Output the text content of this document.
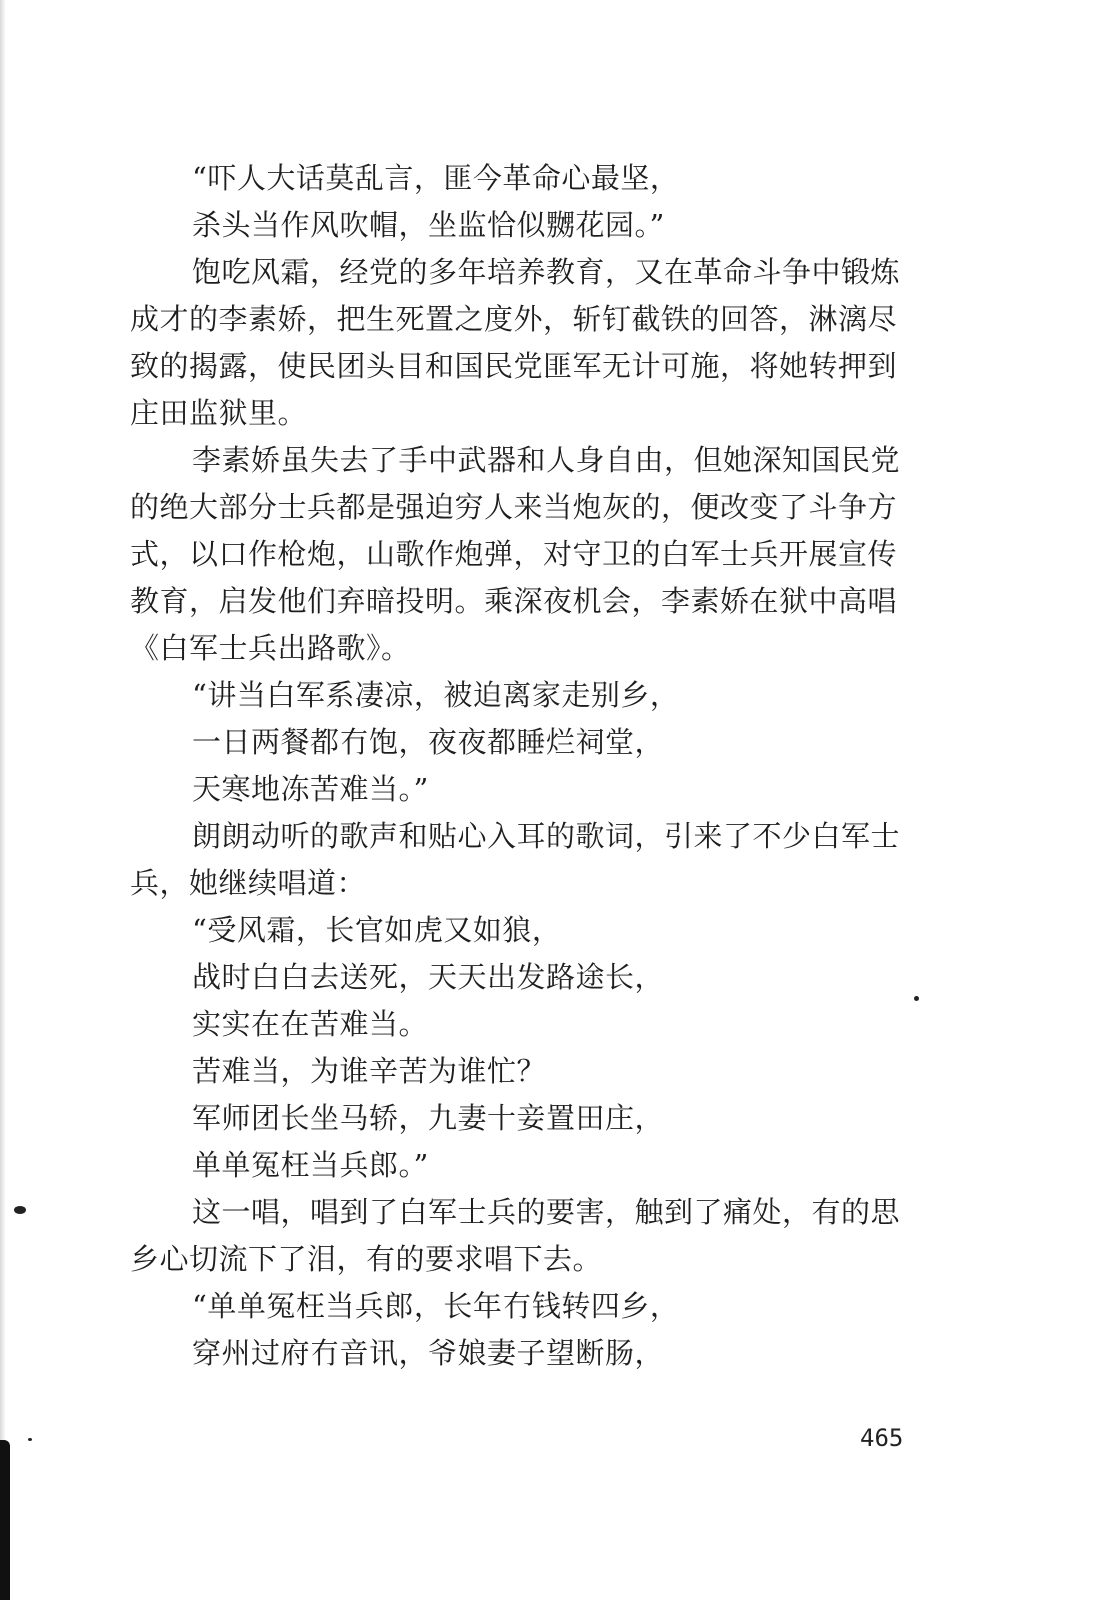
“吓人大话莫乱言，匪今革命心最坚，
杀头当作风吹帽，坐监恰似嬲花园。”
饱吃风霜，经党的多年培养教育，又在革命斗争中锻炼
成才的李素娇，把生死置之度外，斩钉截铁的回答，淋漓尽
致的揭露，使民团头目和国民党匪军无计可施，将她转押到
庄田监狱里。
李素娇虽失去了手中武器和人身自由，但她深知国民党
的绝大部分士兵都是强迫穷人来当炮灰的，便改变了斗争方
式，以口作枪炮，山歌作炮弹，对守卫的白军士兵开展宣传
教育，启发他们弃暗投明。乘深夜机会，李素娇在狱中高唱
《白军士兵出路歌》。
“讲当白军系凄凉，被迫离家走别乡，
一日两餐都冇饱，夜夜都睡烂祠堂，
天寒地冻苦难当。”
朗朗动听的歌声和贴心入耳的歌词，引来了不少白军士
兵，她继续唱道：
“受风霜，长官如虎又如狼，
战时白白去送死，天天出发路途长，
实实在在苦难当。
苦难当，为谁辛苦为谁忙？
军师团长坐马轿，九妻十妾置田庄，
单单冤枉当兵郎。”
这一唱，唱到了白军士兵的要害，触到了痛处，有的思
乡心切流下了泪，有的要求唱下去。
“单单冤枉当兵郎，长年冇钱转四乡，
穿州过府冇音讯，爷娘妻子望断肠，
465
